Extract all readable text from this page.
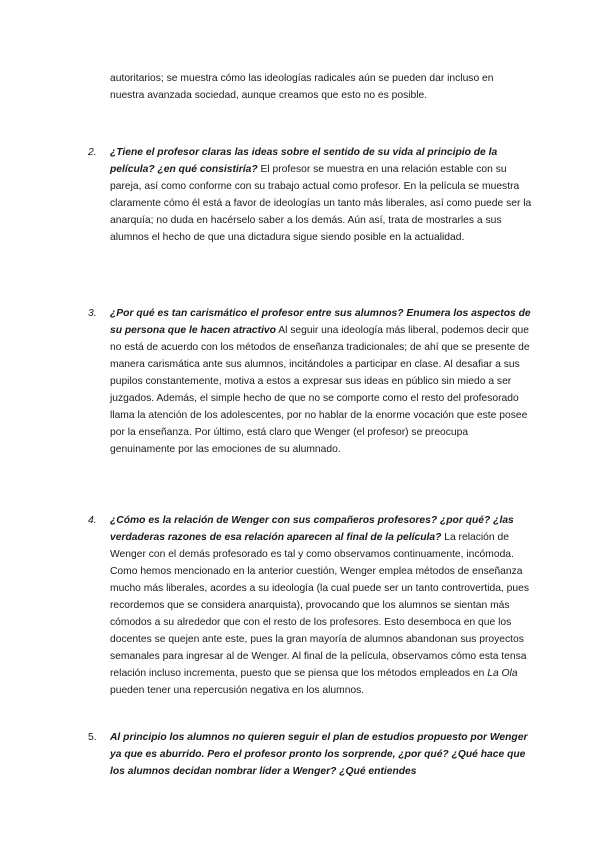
autoritarios; se muestra cómo las ideologías radicales aún se pueden dar incluso en nuestra avanzada sociedad, aunque creamos que esto no es posible.

2.	¿Tiene el profesor claras las ideas sobre el sentido de su vida al principio de la película? ¿en qué consistiría? El profesor se muestra en una relación estable con su pareja, así como conforme con su trabajo actual como profesor. En la película se muestra claramente cómo él está a favor de ideologías un tanto más liberales, así como puede ser la anarquía; no duda en hacérselo saber a los demás. Aún así, trata de mostrarles a sus alumnos el hecho de que una dictadura sigue siendo posible en la actualidad.

3.	¿Por qué es tan carismático el profesor entre sus alumnos? Enumera los aspectos de su persona que le hacen atractivo Al seguir una ideología más liberal, podemos decir que no está de acuerdo con los métodos de enseñanza tradicionales; de ahí que se presente de manera carismática ante sus alumnos, incitándoles a participar en clase. Al desafiar a sus pupilos constantemente, motiva a estos a expresar sus ideas en público sin miedo a ser juzgados. Además, el simple hecho de que no se comporte como el resto del profesorado llama la atención de los adolescentes, por no hablar de la enorme vocación que este posee por la enseñanza. Por último, está claro que Wenger (el profesor) se preocupa genuinamente por las emociones de su alumnado.

4.	¿Cómo es la relación de Wenger con sus compañeros profesores? ¿por qué? ¿las verdaderas razones de esa relación aparecen al final de la película? La relación de Wenger con el demás profesorado es tal y como observamos continuamente, incómoda. Como hemos mencionado en la anterior cuestión, Wenger emplea métodos de enseñanza mucho más liberales, acordes a su ideología (la cual puede ser un tanto controvertida, pues recordemos que se considera anarquista), provocando que los alumnos se sientan más cómodos a su alrededor que con el resto de los profesores. Esto desemboca en que los docentes se quejen ante este, pues la gran mayoría de alumnos abandonan sus proyectos semanales para ingresar al de Wenger. Al final de la película, observamos cómo esta tensa relación incluso incrementa, puesto que se piensa que los métodos empleados en La Ola pueden tener una repercusión negativa en los alumnos.

5.	Al principio los alumnos no quieren seguir el plan de estudios propuesto por Wenger ya que es aburrido. Pero el profesor pronto los sorprende, ¿por qué? ¿Qué hace que los alumnos decidan nombrar líder a Wenger? ¿Qué entiendes
